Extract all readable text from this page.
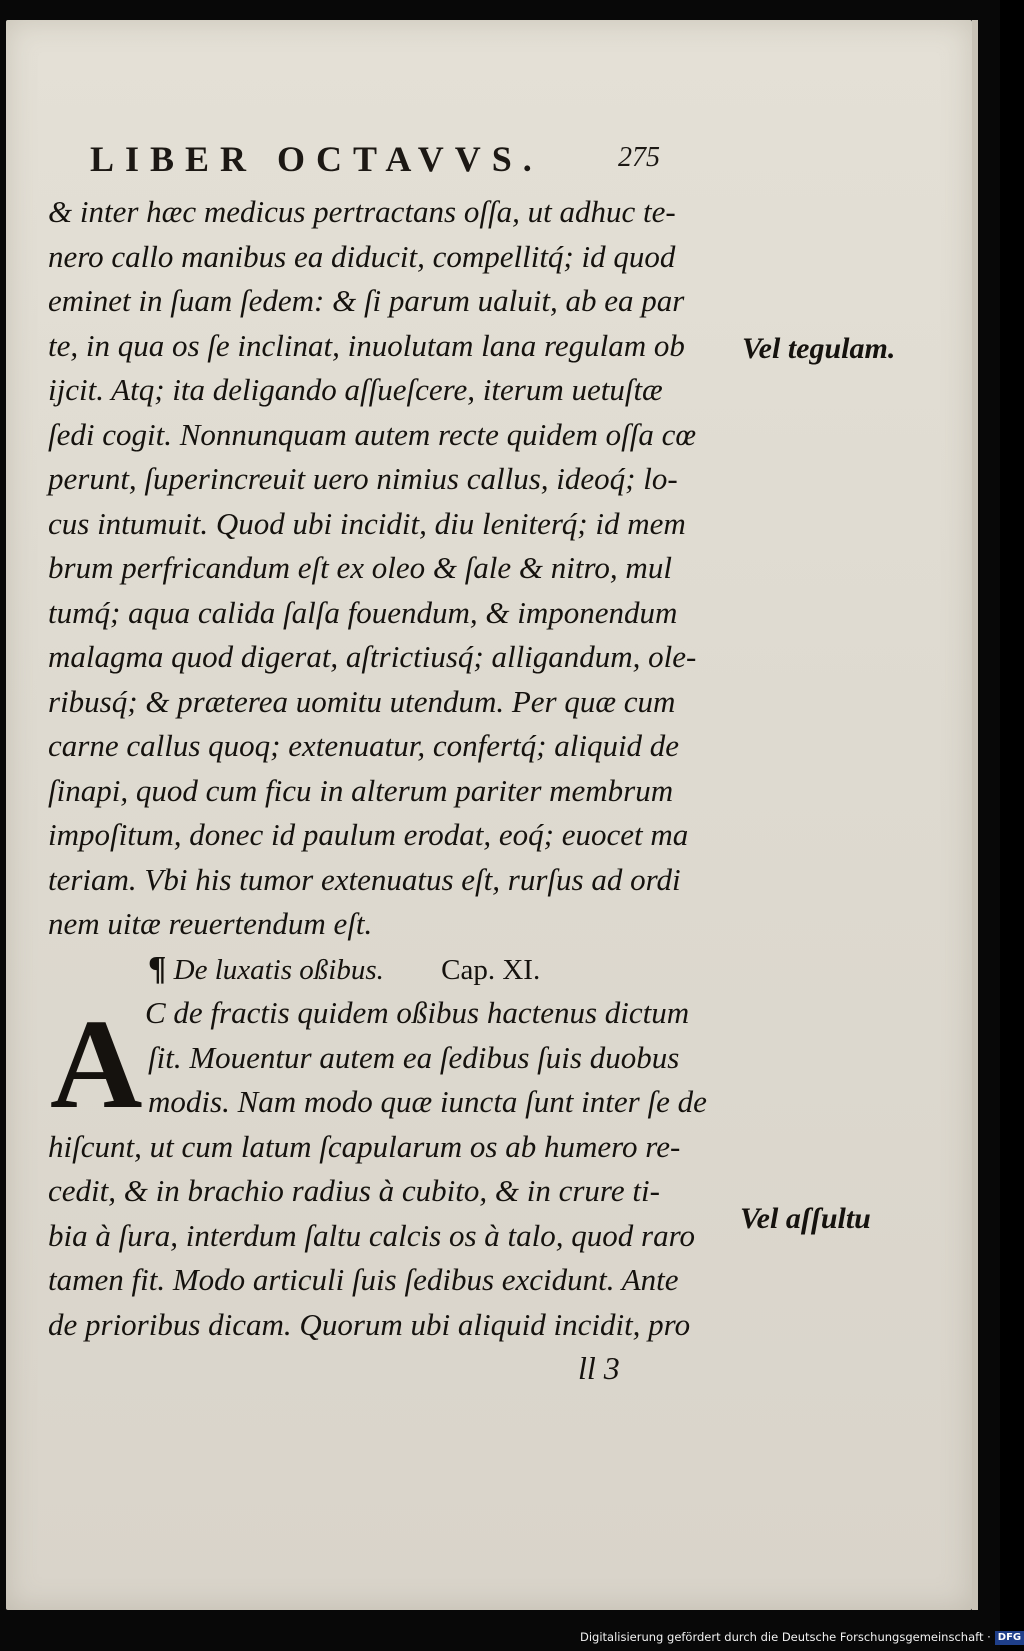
LIBER OCTAVVS.	275
& inter hæc medicus pertractans oſſa, ut adhuc te-
nero callo manibus ea diducit, compellitq́; id quod
eminet in ſuam ſedem: & ſi parum ualuit, ab ea par
te, in qua os ſe inclinat, inuolutam lana regulam ob
ijcit. Atq; ita deligando aſſueſcere, iterum uetuſtæ
ſedi cogit. Nonnunquam autem recte quidem oſſa cœ
perunt, ſuperincreuit uero nimius callus, ideoq́; lo-
cus intumuit. Quod ubi incidit, diu leniterq́; id mem
brum perfricandum eſt ex oleo & ſale & nitro, mul
tumq́; aqua calida ſalſa fouendum, & imponendum
malagma quod digerat, aſtrictiusq́; alligandum, ole-
ribusq́; & præterea uomitu utendum. Per quæ cum
carne callus quoq; extenuatur, confertq́; aliquid de
ſinapi, quod cum ficu in alterum pariter membrum
impoſitum, donec id paulum erodat, eoq́; euocet ma
teriam. Vbi his tumor extenuatus eſt, rurſus ad ordi
nem uitæ reuertendum eſt.
¶ De luxatis oßibus. Cap. XI.
C de fractis quidem oßibus hactenus dictum
ſit. Mouentur autem ea ſedibus ſuis duobus
modis. Nam modo quæ iuncta ſunt inter ſe de
hiſcunt, ut cum latum ſcapularum os ab humero re-
cedit, & in brachio radius à cubito, & in crure ti-
bia à ſura, interdum ſaltu calcis os à talo, quod raro
tamen fit. Modo articuli ſuis ſedibus excidunt. Ante
de prioribus dicam. Quorum ubi aliquid incidit, pro
A
ll 3
Vel tegulam.
Vel aſſultu
Digitalisierung gefördert durch die Deutsche Forschungsgemeinschaft · DFG
